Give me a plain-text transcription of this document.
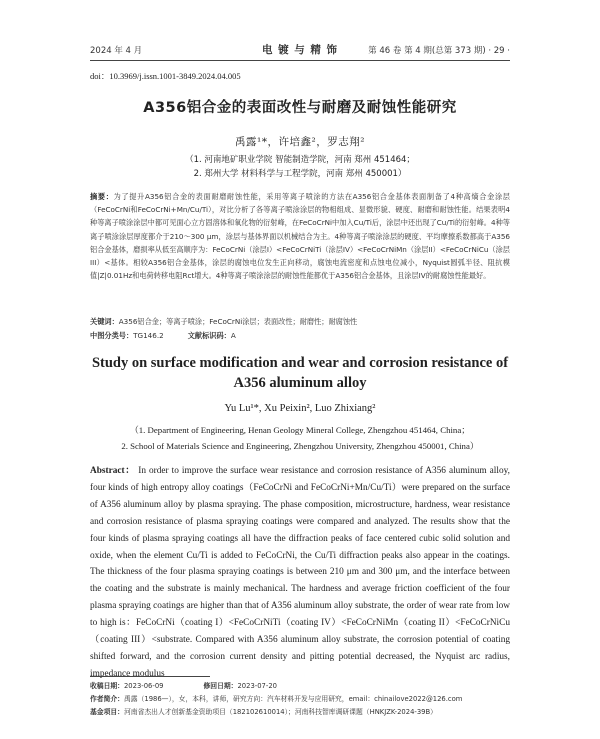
2024 年 4 月	电 镀 与 精 饰	第 46 卷 第 4 期(总第 373 期) · 29 ·
doi：10.3969/j.issn.1001-3849.2024.04.005
A356铝合金的表面改性与耐磨及耐蚀性能研究
禹露¹*，许培鑫²，罗志翔²
（1. 河南地矿职业学院 智能制造学院，河南 郑州 451464；
2. 郑州大学 材料科学与工程学院，河南 郑州 450001）
摘要：为了提升A356铝合金的表面耐磨耐蚀性能，采用等离子喷涂的方法在A356铝合金基体表面制备了4种高熵合金涂层（FeCoCrNi和FeCoCrNi+Mn/Cu/Ti），对比分析了各等离子喷涂涂层的物相组成、显微形貌、硬度、耐磨和耐蚀性能。结果表明4种等离子喷涂涂层中都可见面心立方固溶体和氧化物的衍射峰，在FeCoCrNi中加入Cu/Ti后，涂层中还出现了Cu/Ti的衍射峰。4种等离子喷涂涂层厚度都介于210～300 μm，涂层与基体界面以机械结合为主。4种等离子喷涂涂层的硬度、平均摩擦系数都高于A356铝合金基体，磨损率从低至高顺序为：FeCoCrNi（涂层I）<FeCoCrNiTi（涂层IV）<FeCoCrNiMn（涂层II）<FeCoCrNiCu（涂层III）<基体。相较A356铝合金基体，涂层的腐蚀电位发生正向移动，腐蚀电流密度和点蚀电位减小，Nyquist圆弧半径、阻抗模值|Z|0.01Hz和电荷转移电阻Rct增大。4种等离子喷涂涂层的耐蚀性能都优于A356铝合金基体，且涂层IV的耐腐蚀性能最好。
关键词：A356铝合金；等离子喷涂；FeCoCrNi涂层；表面改性；耐磨性；耐腐蚀性
中图分类号：TG146.2	文献标识码：A
Study on surface modification and wear and corrosion resistance of
A356 aluminum alloy
Yu Lu¹*, Xu Peixin², Luo Zhixiang²
（1. Department of Engineering, Henan Geology Mineral College, Zhengzhou 451464, China；
2. School of Materials Science and Engineering, Zhengzhou University, Zhengzhou 450001, China）
Abstract： In order to improve the surface wear resistance and corrosion resistance of A356 aluminum alloy, four kinds of high entropy alloy coatings（FeCoCrNi and FeCoCrNi+Mn/Cu/Ti）were prepared on the surface of A356 aluminum alloy by plasma spraying. The phase composition, microstructure, hardness, wear resistance and corrosion resistance of plasma spraying coatings were compared and analyzed. The results show that the four kinds of plasma spraying coatings all have the diffraction peaks of face centered cubic solid solution and oxide, when the element Cu/Ti is added to FeCoCrNi, the Cu/Ti diffraction peaks also appear in the coatings. The thickness of the four plasma spraying coatings is between 210 μm and 300 μm, and the interface between the coating and the substrate is mainly mechanical. The hardness and average friction coefficient of the four plasma spraying coatings are higher than that of A356 aluminum alloy substrate, the order of wear rate from low to high is：FeCoCrNi（coating I）<FeCoCrNiTi（coating IV）<FeCoCrNiMn（coating II）<FeCoCrNiCu（coating III）<substrate. Compared with A356 aluminum alloy substrate, the corrosion potential of coating shifted forward, and the corrosion current density and pitting potential decreased, the Nyquist arc radius, impedance modulus
收稿日期：2023-06-09	修回日期：2023-07-20
作者简介：禹露（1986—），女，本科，讲师，研究方向：汽车材料开发与应用研究，email：chinailove2022@126.com
基金项目：河南省杰出人才创新基金资助项目（182102610014）；河南科技智库调研课题（HNKJZK-2024-39B）
